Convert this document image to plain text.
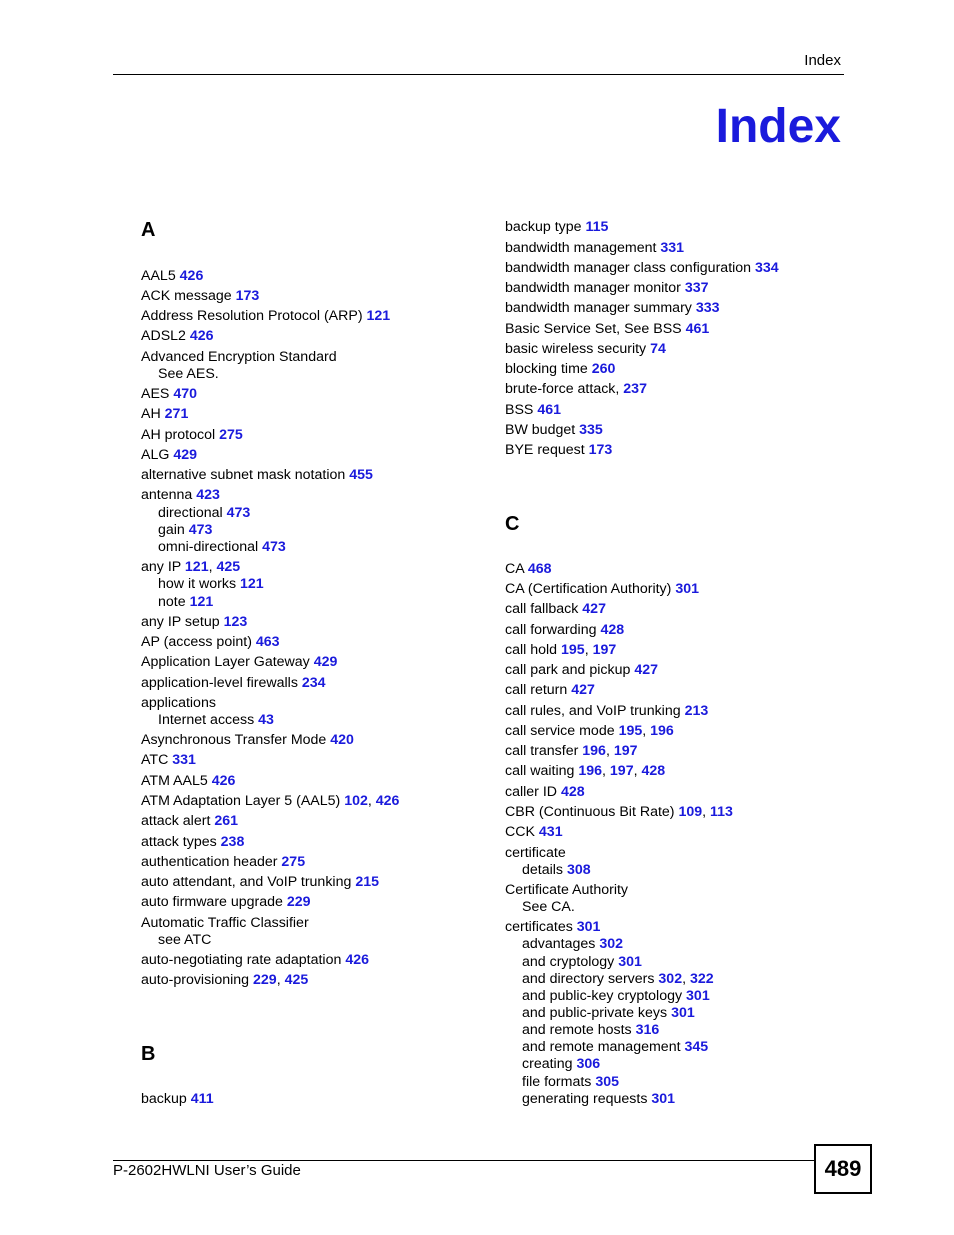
Index
Index
A
AAL5 426
ACK message 173
Address Resolution Protocol (ARP) 121
ADSL2 426
Advanced Encryption Standard
See AES.
AES 470
AH 271
AH protocol 275
ALG 429
alternative subnet mask notation 455
antenna 423
directional 473
gain 473
omni-directional 473
any IP 121, 425
how it works 121
note 121
any IP setup 123
AP (access point) 463
Application Layer Gateway 429
application-level firewalls 234
applications
Internet access 43
Asynchronous Transfer Mode 420
ATC 331
ATM AAL5 426
ATM Adaptation Layer 5 (AAL5) 102, 426
attack alert 261
attack types 238
authentication header 275
auto attendant, and VoIP trunking 215
auto firmware upgrade 229
Automatic Traffic Classifier
see ATC
auto-negotiating rate adaptation 426
auto-provisioning 229, 425
B
backup 411
backup type 115
bandwidth management 331
bandwidth manager class configuration 334
bandwidth manager monitor 337
bandwidth manager summary 333
Basic Service Set, See BSS 461
basic wireless security 74
blocking time 260
brute-force attack, 237
BSS 461
BW budget 335
BYE request 173
C
CA 468
CA (Certification Authority) 301
call fallback 427
call forwarding 428
call hold 195, 197
call park and pickup 427
call return 427
call rules, and VoIP trunking 213
call service mode 195, 196
call transfer 196, 197
call waiting 196, 197, 428
caller ID 428
CBR (Continuous Bit Rate) 109, 113
CCK 431
certificate
details 308
Certificate Authority
See CA.
certificates 301
advantages 302
and cryptology 301
and directory servers 302, 322
and public-key cryptology 301
and public-private keys 301
and remote hosts 316
and remote management 345
creating 306
file formats 305
generating requests 301
P-2602HWLNI User’s Guide	489
